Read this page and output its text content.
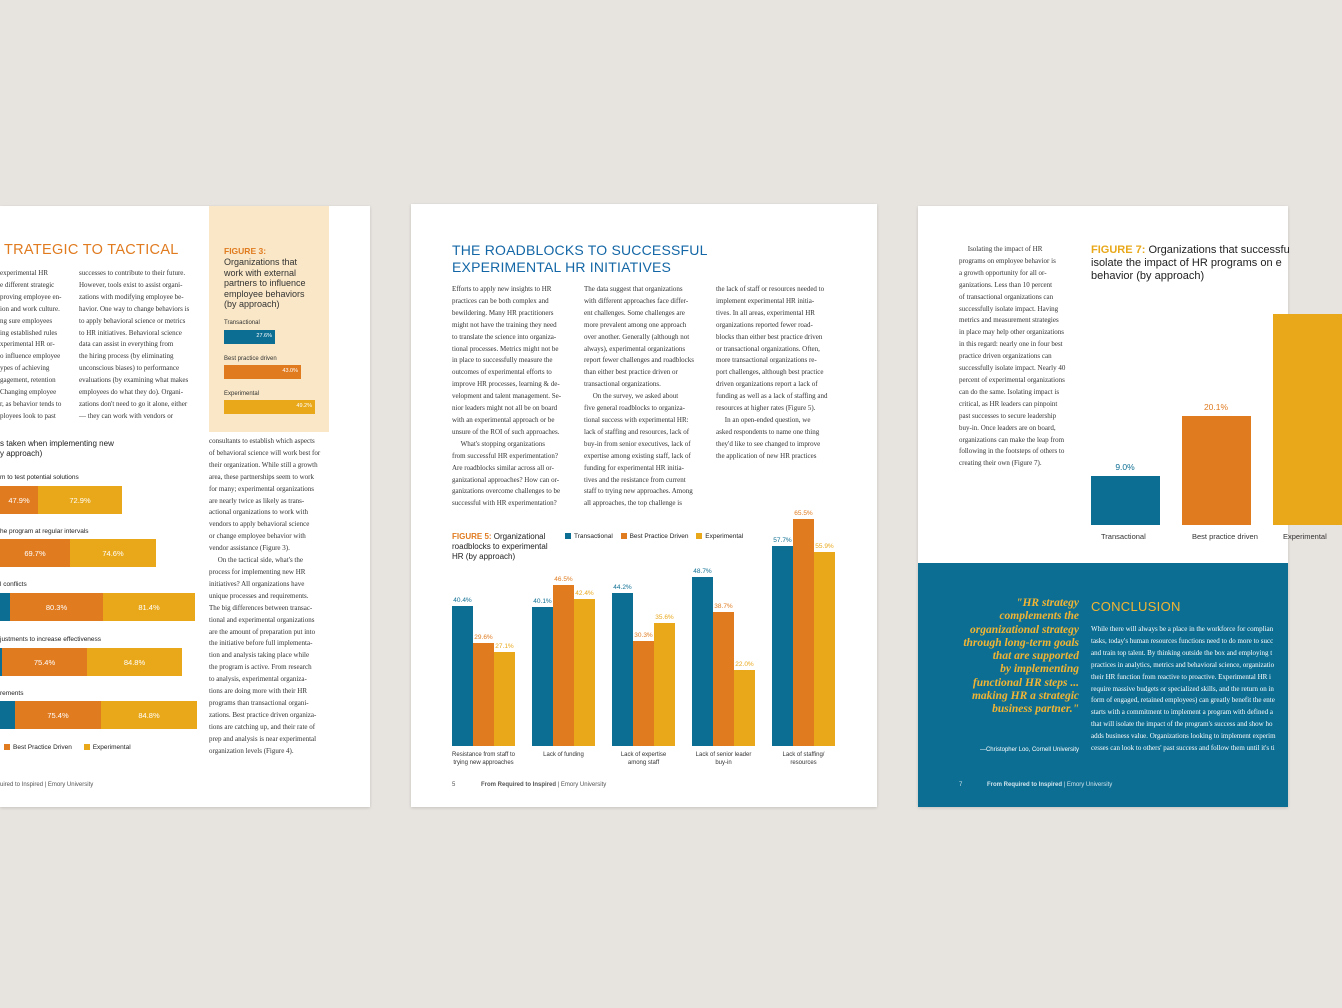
TRATEGIC TO TACTICAL
experimental HR
e different strategic
proving employee en-
ion and work culture.
ng sure employees
ing established rules
xperimental HR or-
o influence employee
ypes of achieving
gagement, retention
Changing employee
r, as behavior tends to
ployees look to past
successes to contribute to their future.
However, tools exist to assist organi-
zations with modifying employee be-
havior. One way to change behaviors is
to apply behavioral science or metrics
to HR initiatives. Behavioral science
data can assist in everything from
the hiring process (by eliminating
unconscious biases) to performance
evaluations (by examining what makes
employees do what they do). Organi-
zations don't need to go it alone, either
— they can work with vendors or
consultants to establish which aspects
of behavioral science will work best for
their organization. While still a growth
area, these partnerships seem to work
for many; experimental organizations
are nearly twice as likely as trans-
actional organizations to work with
vendors to apply behavioral science
or change employee behavior with
vendor assistance (Figure 3).
On the tactical side, what's the
process for implementing new HR
initiatives? All organizations have
unique processes and requirements.
The big differences between transac-
tional and experimental organizations
are the amount of preparation put into
the initiative before full implementa-
tion and analysis taking place while
the program is active. From research
to analysis, experimental organiza-
tions are doing more with their HR
programs than transactional organi-
zations. Best practice driven organiza-
tions are catching up, and their rate of
prep and analysis is near experimental
organization levels (Figure 4).
FIGURE 3:
Organizations that
work with external
partners to influence
employee behaviors
(by approach)
Transactional
27.6%
Best practice driven
43.0%
Experimental
49.2%
s taken when implementing new
y approach)
m to test potential solutions
47.9%	72.9%
he program at regular intervals
69.7%	74.6%
l conflicts
80.3%	81.4%
justments to increase effectiveness
75.4%	84.8%
rements
75.4%	84.8%
Best Practice Driven	Experimental
uired to Inspired | Emory University
THE ROADBLOCKS TO SUCCESSFUL
EXPERIMENTAL HR INITIATIVES
Efforts to apply new insights to HR
practices can be both complex and
bewildering. Many HR practitioners
might not have the training they need
to translate the science into organiza-
tional processes. Metrics might not be
in place to successfully measure the
outcomes of experimental efforts to
improve HR processes, learning & de-
velopment and talent management. Se-
nior leaders might not all be on board
with an experimental approach or be
unsure of the ROI of such approaches.
What's stopping organizations
from successful HR experimentation?
Are roadblocks similar across all or-
ganizational approaches? How can or-
ganizations overcome challenges to be
successful with HR experimentation?
The data suggest that organizations
with different approaches face differ-
ent challenges. Some challenges are
more prevalent among one approach
over another. Generally (although not
always), experimental organizations
report fewer challenges and roadblocks
than either best practice driven or
transactional organizations.
On the survey, we asked about
five general roadblocks to organiza-
tional success with experimental HR:
lack of staffing and resources, lack of
buy-in from senior executives, lack of
expertise among existing staff, lack of
funding for experimental HR initia-
tives and the resistance from current
staff to trying new approaches. Among
all approaches, the top challenge is
the lack of staff or resources needed to
implement experimental HR initia-
tives. In all areas, experimental HR
organizations reported fewer road-
blocks than either best practice driven
or transactional organizations. Often,
more transactional organizations re-
port challenges, although best practice
driven organizations report a lack of
funding as well as a lack of staffing and
resources at higher rates (Figure 5).
In an open-ended question, we
asked respondents to name one thing
they'd like to see changed to improve
the application of new HR practices
FIGURE 5: Organizational
roadblocks to experimental
HR (by approach)
Transactional	Best Practice Driven	Experimental
40.4%
29.6%
27.1%
40.1%
46.5%
42.4%
44.2%
30.3%
35.6%
48.7%
38.7%
22.0%
57.7%
65.5%
55.9%
5	From Required to Inspired | Emory University
Resistance from staff to
trying new approaches
Lack of funding	Lack of expertise
among staff
Lack of senior leader
buy-in
Lack of staffing/
resources
Isolating the impact of HR
programs on employee behavior is
a growth opportunity for all or-
ganizations. Less than 10 percent
of transactional organizations can
successfully isolate impact. Having
metrics and measurement strategies
in place may help other organizations
in this regard: nearly one in four best
practice driven organizations can
successfully isolate impact. Nearly 40
percent of experimental organizations
can do the same. Isolating impact is
critical, as HR leaders can pinpoint
past successes to secure leadership
buy-in. Once leaders are on board,
organizations can make the leap from
following in the footsteps of others to
creating their own (Figure 7).
FIGURE 7: Organizations that successfu
isolate the impact of HR programs on e
behavior (by approach)
9.0%
Transactional
20.1%
Best practice driven	Experimental
"HR strategy
complements the
organizational strategy
through long-term goals
that are supported
by implementing
functional HR steps ...
making HR a strategic
business partner."
—Christopher Loo, Cornell University
CONCLUSION
While there will always be a place in the workforce for complian
tasks, today's human resources functions need to do more to succ
and train top talent. By thinking outside the box and employing t
practices in analytics, metrics and behavioral science, organizatio
their HR function from reactive to proactive. Experimental HR i
require massive budgets or specialized skills, and the return on in
form of engaged, retained employees) can greatly benefit the ente
starts with a commitment to implement a program with defined a
that will isolate the impact of the program's success and show ho
adds business value. Organizations looking to implement experim
cesses can look to others' past success and follow them until it's ti
7	From Required to Inspired | Emory University
